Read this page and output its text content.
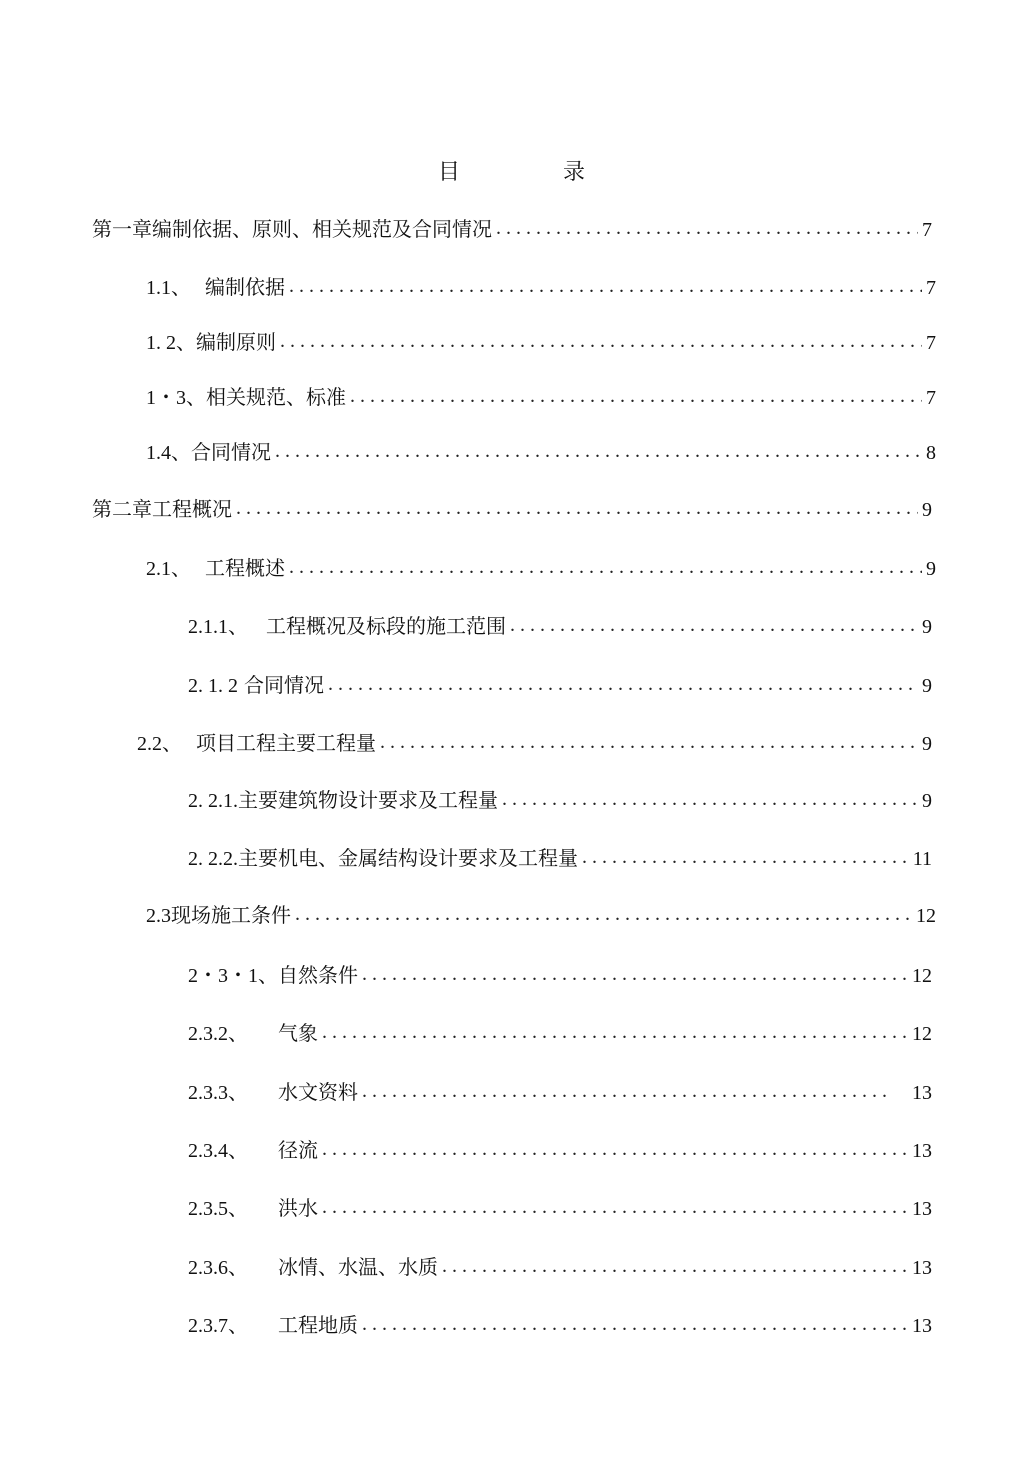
目	录
第一章编制依据、原则、相关规范及合同情况 . . .	7
1.1、 编制依据 . . .	7
1. 2、 编制原则 . . .	7
1・3、 相关规范、标准 . . .	7
1.4、 合同情况 . . .	8
第二章工程概况 . . .	9
2.1、 工程概述 . . .	9
2.1.1、 工程概况及标段的施工范围 . . .	9
2. 1. 2 合同情况 . . .	9
2.2、 项目工程主要工程量 . . .	9
2. 2.1. 主要建筑物设计要求及工程量 . . .	9
2. 2.2. 主要机电、金属结构设计要求及工程量 . . .	11
2.3 现场施工条件 . . .	12
2・3・1、 自然条件 . . .	12
2.3.2、 气象 . . .	12
2.3.3、 水文资料 . . .	13
2.3.4、 径流 . . .	13
2.3.5、 洪水 . . .	13
2.3.6、 冰情、水温、水质 . . .	13
2.3.7、 工程地质 . . .	13
